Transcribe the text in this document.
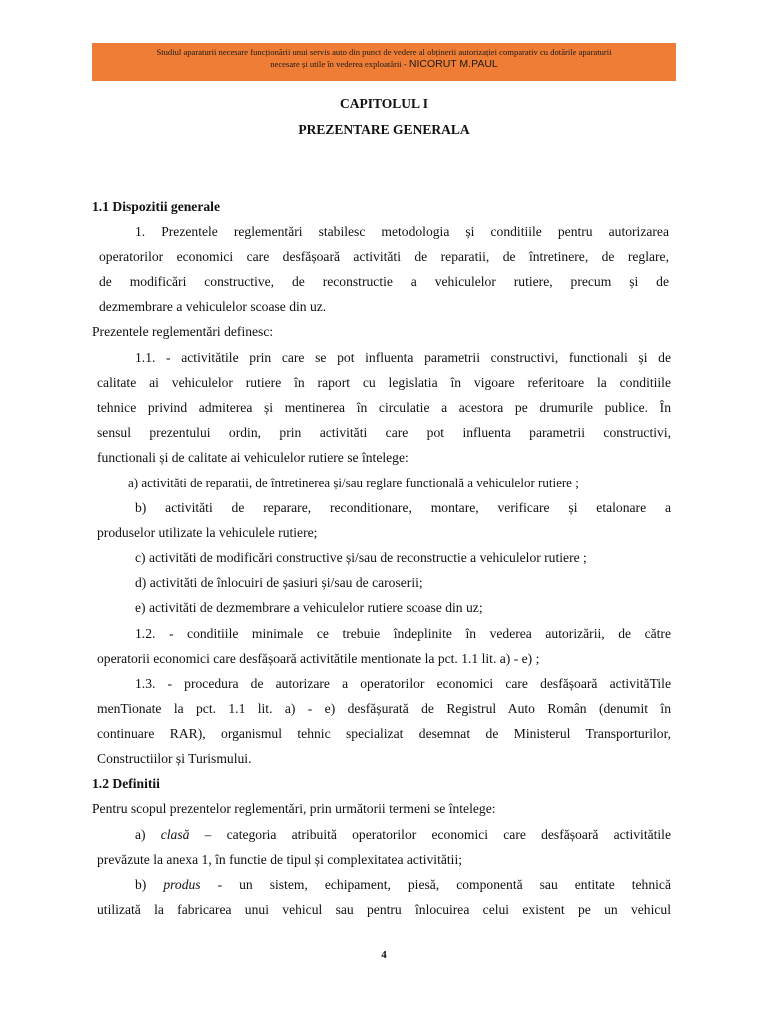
Studiul aparaturii necesare funcționării unui servis auto din punct de vedere al obținerii autorizației comparativ cu dotările aparaturii
necesare și utile în vederea exploatării - NICORUT M.PAUL
CAPITOLUL I
PREZENTARE GENERALA
1.1 Dispozitii generale
1. Prezentele reglementări stabilesc metodologia și conditiile pentru autorizarea
operatorilor economici care desfășoară activităti de reparatii, de întretinere, de reglare,
de modificări constructive, de reconstructie a vehiculelor rutiere, precum și de
dezmembrare a vehiculelor scoase din uz.
Prezentele reglementări definesc:
1.1. - activitătile prin care se pot influenta parametrii constructivi, functionali și de
calitate ai vehiculelor rutiere în raport cu legislatia în vigoare referitoare la conditiile
tehnice privind admiterea și mentinerea în circulatie a acestora pe drumurile publice. În
sensul prezentului ordin, prin activităti care pot influenta parametrii constructivi,
functionali și de calitate ai vehiculelor rutiere se întelege:
a) activităti de reparatii, de întretinerea și/sau reglare functională a vehiculelor rutiere ;
b) activităti de reparare, reconditionare, montare, verificare și etalonare a
produselor utilizate la vehiculele rutiere;
c) activităti de modificări constructive și/sau de reconstructie a vehiculelor rutiere ;
d) activităti de înlocuiri de șasiuri și/sau de caroserii;
e) activităti de dezmembrare a vehiculelor rutiere scoase din uz;
1.2. - conditiile minimale ce trebuie îndeplinite în vederea autorizării, de către
operatorii economici care desfășoară activitătile mentionate la pct. 1.1 lit. a) - e) ;
1.3. - procedura de autorizare a operatorilor economici care desfășoară activităTile
menTionate la pct. 1.1 lit. a) - e) desfășurată de Registrul Auto Român (denumit în
continuare RAR), organismul tehnic specializat desemnat de Ministerul Transporturilor,
Constructiilor și Turismului.
1.2 Definitii
Pentru scopul prezentelor reglementări, prin următorii termeni se întelege:
a) clasă – categoria atribuită operatorilor economici care desfășoară activitătile
prevăzute la anexa 1, în functie de tipul și complexitatea activitătii;
b) produs - un sistem, echipament, piesă, componentă sau entitate tehnică
utilizată la fabricarea unui vehicul sau pentru înlocuirea celui existent pe un vehicul
4
